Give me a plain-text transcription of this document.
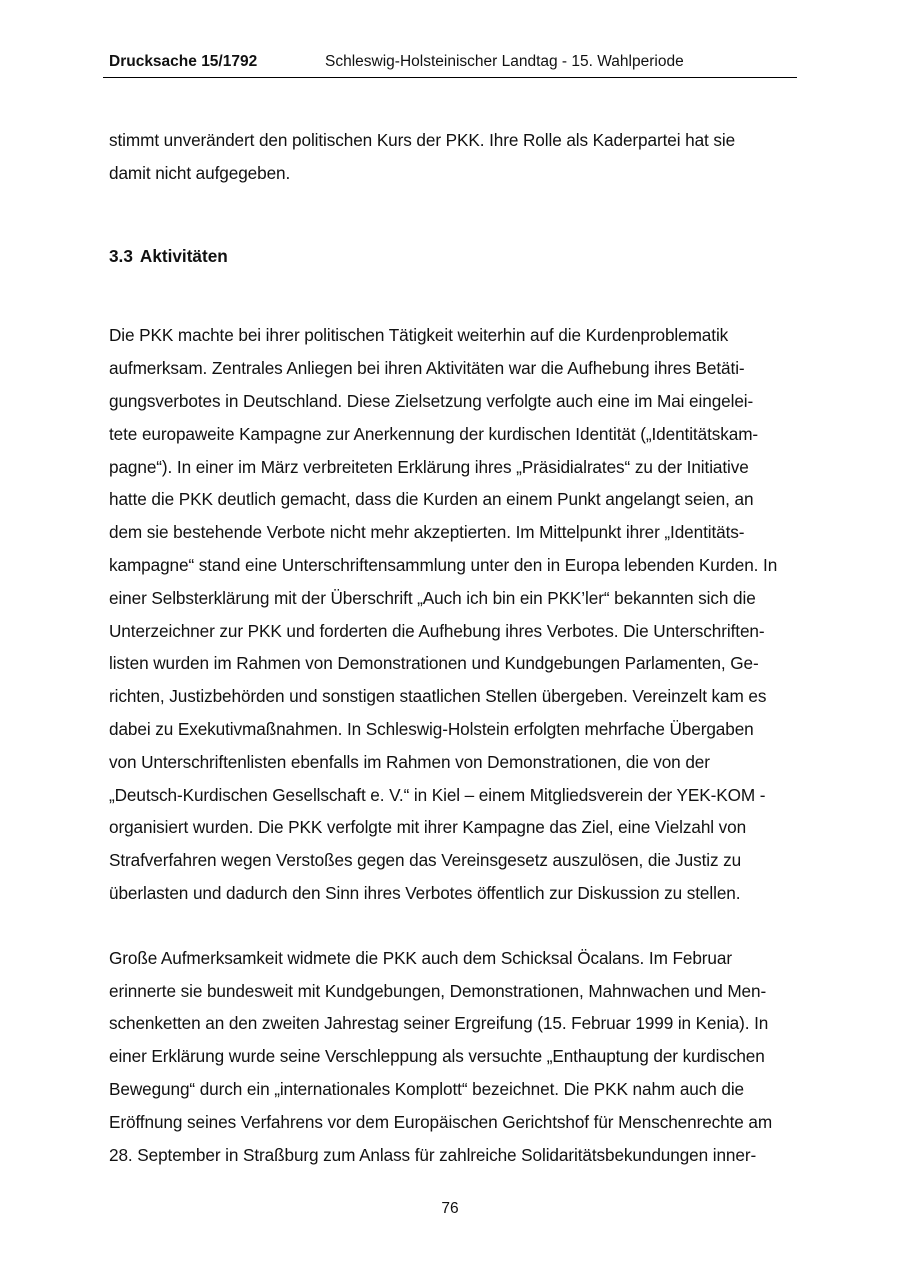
Drucksache 15/1792	Schleswig-Holsteinischer Landtag - 15. Wahlperiode

stimmt unverändert den politischen Kurs der PKK. Ihre Rolle als Kaderpartei hat sie
damit nicht aufgegeben.

3.3 Aktivitäten

Die PKK machte bei ihrer politischen Tätigkeit weiterhin auf die Kurdenproblematik
aufmerksam. Zentrales Anliegen bei ihren Aktivitäten war die Aufhebung ihres Betäti-
gungsverbotes in Deutschland. Diese Zielsetzung verfolgte auch eine im Mai eingelei-
tete europaweite Kampagne zur Anerkennung der kurdischen Identität („Identitätskam-
pagne“). In einer im März verbreiteten Erklärung ihres „Präsidialrates“ zu der Initiative
hatte die PKK deutlich gemacht, dass die Kurden an einem Punkt angelangt seien, an
dem sie bestehende Verbote nicht mehr akzeptierten. Im Mittelpunkt ihrer „Identitäts-
kampagne“ stand eine Unterschriftensammlung unter den in Europa lebenden Kurden. In
einer Selbsterklärung mit der Überschrift „Auch ich bin ein PKK’ler“ bekannten sich die
Unterzeichner zur PKK und forderten die Aufhebung ihres Verbotes. Die Unterschriften-
listen wurden im Rahmen von Demonstrationen und Kundgebungen Parlamenten, Ge-
richten, Justizbehörden und sonstigen staatlichen Stellen übergeben. Vereinzelt kam es
dabei zu Exekutivmaßnahmen. In Schleswig-Holstein erfolgten mehrfache Übergaben
von Unterschriftenlisten ebenfalls im Rahmen von Demonstrationen, die von der
„Deutsch-Kurdischen Gesellschaft e. V.“ in Kiel – einem Mitgliedsverein der YEK-KOM -
organisiert wurden. Die PKK verfolgte mit ihrer Kampagne das Ziel, eine Vielzahl von
Strafverfahren wegen Verstoßes gegen das Vereinsgesetz auszulösen, die Justiz zu
überlasten und dadurch den Sinn ihres Verbotes öffentlich zur Diskussion zu stellen.

Große Aufmerksamkeit widmete die PKK auch dem Schicksal Öcalans. Im Februar
erinnerte sie bundesweit mit Kundgebungen, Demonstrationen, Mahnwachen und Men-
schenketten an den zweiten Jahrestag seiner Ergreifung (15. Februar 1999 in Kenia). In
einer Erklärung wurde seine Verschleppung als versuchte „Enthauptung der kurdischen
Bewegung“ durch ein „internationales Komplott“ bezeichnet. Die PKK nahm auch die
Eröffnung seines Verfahrens vor dem Europäischen Gerichtshof für Menschenrechte am
28. September in Straßburg zum Anlass für zahlreiche Solidaritätsbekundungen inner-

76
